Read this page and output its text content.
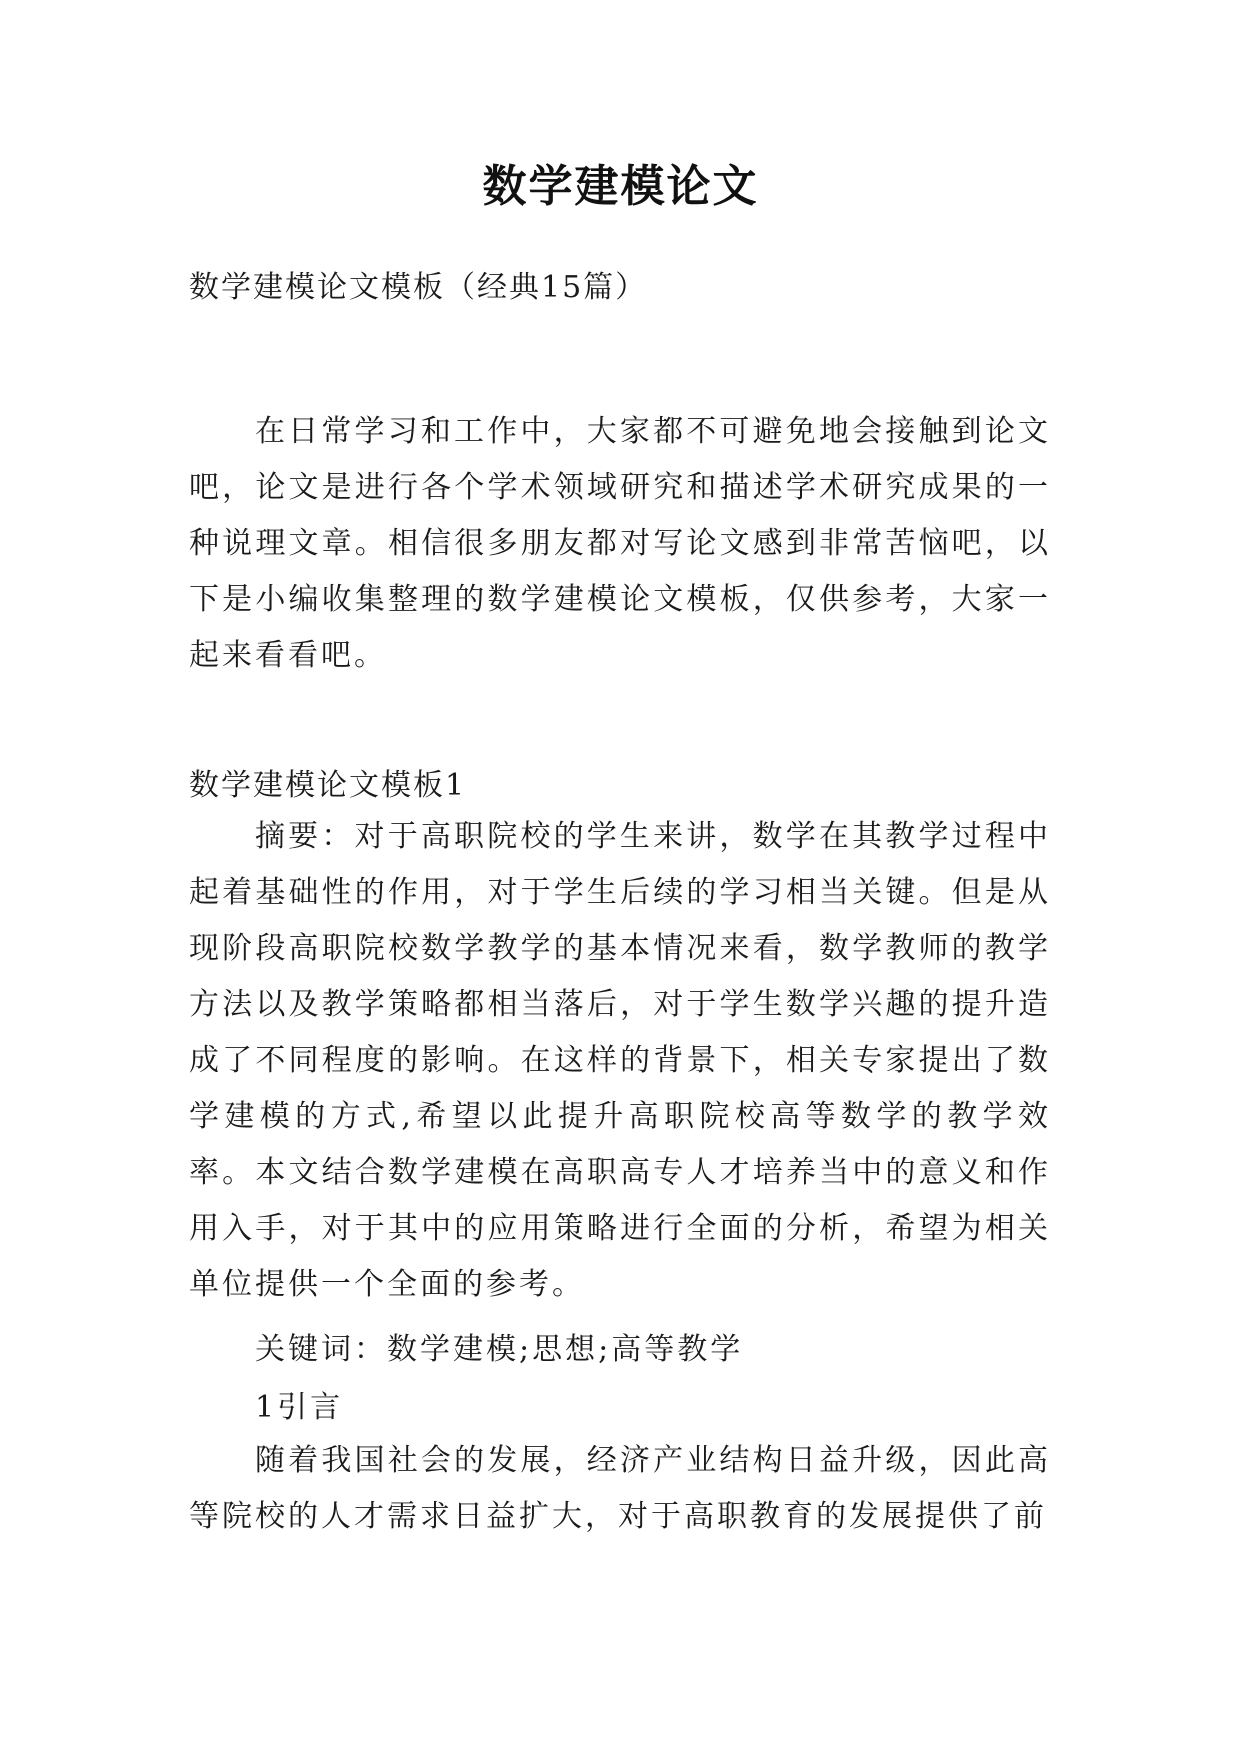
数学建模论文
数学建模论文模板（经典15篇）
在日常学习和工作中，大家都不可避免地会接触到论文吧，论文是进行各个学术领域研究和描述学术研究成果的一种说理文章。相信很多朋友都对写论文感到非常苦恼吧，以下是小编收集整理的数学建模论文模板，仅供参考，大家一起来看看吧。
数学建模论文模板1
摘要：对于高职院校的学生来讲，数学在其教学过程中起着基础性的作用，对于学生后续的学习相当关键。但是从现阶段高职院校数学教学的基本情况来看，数学教师的教学方法以及教学策略都相当落后，对于学生数学兴趣的提升造成了不同程度的影响。在这样的背景下，相关专家提出了数学建模的方式,希望以此提升高职院校高等数学的教学效率。本文结合数学建模在高职高专人才培养当中的意义和作用入手，对于其中的应用策略进行全面的分析，希望为相关单位提供一个全面的参考。
关键词：数学建模;思想;高等教学
1引言
随着我国社会的发展，经济产业结构日益升级，因此高等院校的人才需求日益扩大，对于高职教育的发展提供了前
